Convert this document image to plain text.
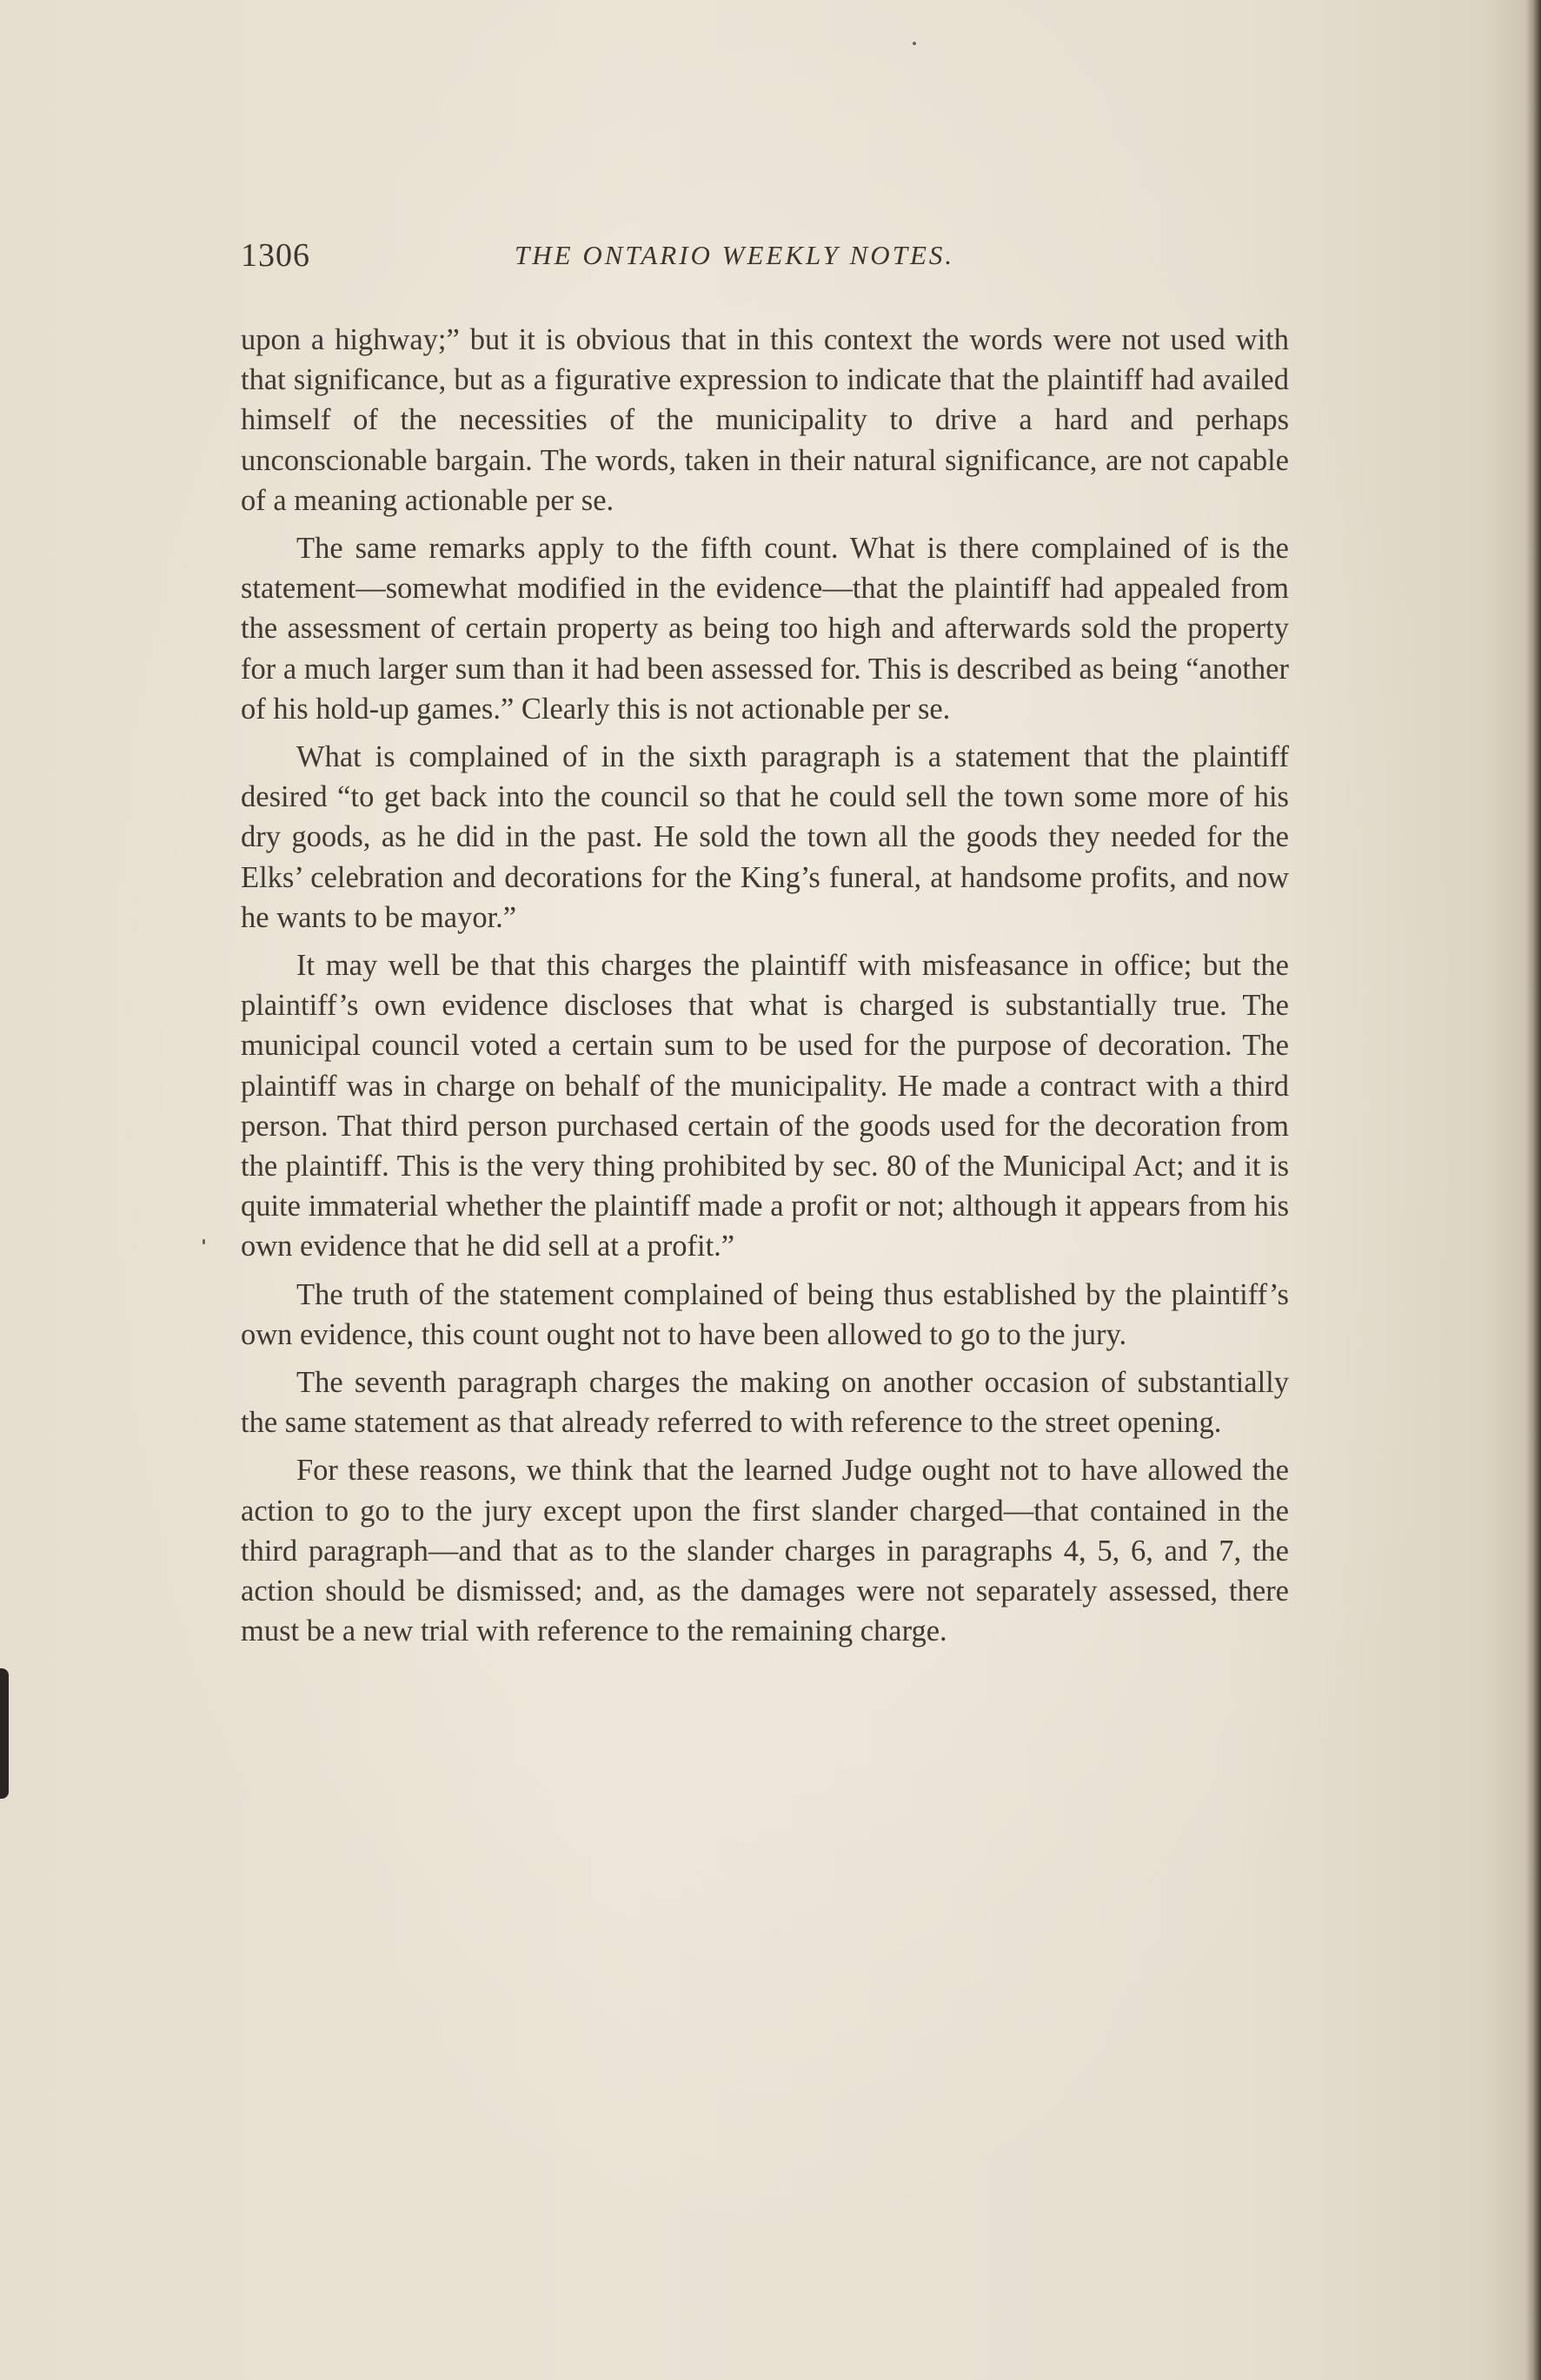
1306	THE ONTARIO WEEKLY NOTES.

upon a highway;” but it is obvious that in this context the words were not used with that significance, but as a figurative expression to indicate that the plaintiff had availed himself of the necessities of the municipality to drive a hard and perhaps unconscionable bargain. The words, taken in their natural significance, are not capable of a meaning actionable per se.

The same remarks apply to the fifth count. What is there complained of is the statement—somewhat modified in the evidence—that the plaintiff had appealed from the assessment of certain property as being too high and afterwards sold the property for a much larger sum than it had been assessed for. This is described as being “another of his hold-up games.” Clearly this is not actionable per se.

What is complained of in the sixth paragraph is a statement that the plaintiff desired “to get back into the council so that he could sell the town some more of his dry goods, as he did in the past. He sold the town all the goods they needed for the Elks’ celebration and decorations for the King’s funeral, at handsome profits, and now he wants to be mayor.”

It may well be that this charges the plaintiff with misfeasance in office; but the plaintiff’s own evidence discloses that what is charged is substantially true. The municipal council voted a certain sum to be used for the purpose of decoration. The plaintiff was in charge on behalf of the municipality. He made a contract with a third person. That third person purchased certain of the goods used for the decoration from the plaintiff. This is the very thing prohibited by sec. 80 of the Municipal Act; and it is quite immaterial whether the plaintiff made a profit or not; although it appears from his own evidence that he did sell at a profit.”

The truth of the statement complained of being thus established by the plaintiff’s own evidence, this count ought not to have been allowed to go to the jury.

The seventh paragraph charges the making on another occasion of substantially the same statement as that already referred to with reference to the street opening.

For these reasons, we think that the learned Judge ought not to have allowed the action to go to the jury except upon the first slander charged—that contained in the third paragraph—and that as to the slander charges in paragraphs 4, 5, 6, and 7, the action should be dismissed; and, as the damages were not separately assessed, there must be a new trial with reference to the remaining charge.
